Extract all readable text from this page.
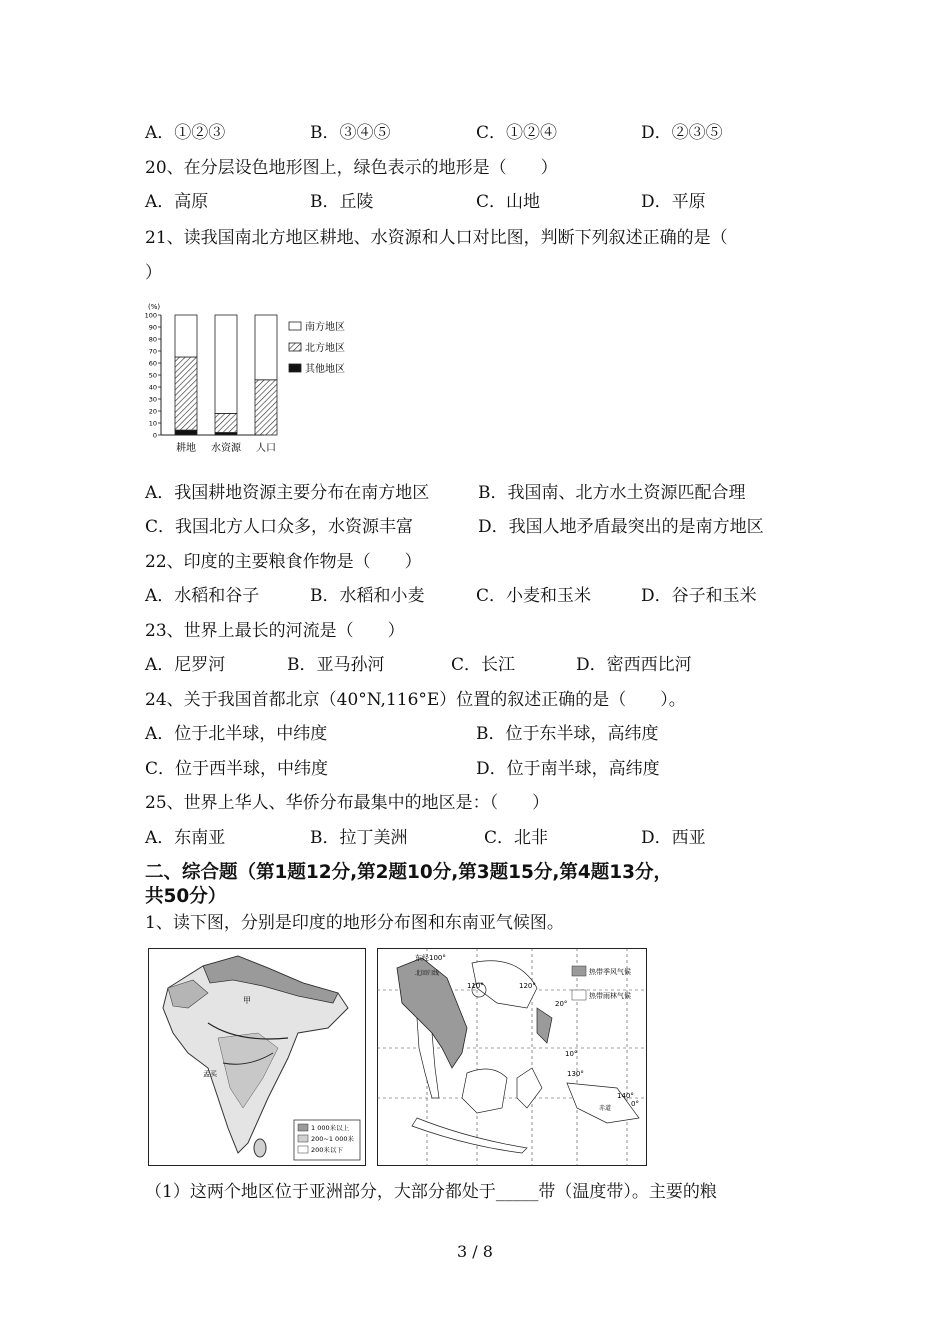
A．①②③	B．③④⑤	C．①②④	D．②③⑤
20、在分层设色地形图上，绿色表示的地形是（　　）
A．高原	B．丘陵	C．山地	D．平原
21、读我国南北方地区耕地、水资源和人口对比图，判断下列叙述正确的是（
）
(%)
0
10
20
30
40
50
60
70
80
90
100
耕地 水资源 人口
南方地区
北方地区
其他地区
A．我国耕地资源主要分布在南方地区	B．我国南、北方水土资源匹配合理
C．我国北方人口众多，水资源丰富	D．我国人地矛盾最突出的是南方地区
22、印度的主要粮食作物是（　　）
A．水稻和谷子	B．水稻和小麦	C．小麦和玉米	D．谷子和玉米
23、世界上最长的河流是（　　）
A．尼罗河	B．亚马孙河	C．长江	D．密西西比河
24、关于我国首都北京（40°N,116°E）位置的叙述正确的是（　　）。
A．位于北半球，中纬度	B．位于东半球，高纬度
C．位于西半球，中纬度	D．位于南半球，高纬度
25、世界上华人、华侨分布最集中的地区是：（　　）
A．东南亚	B．拉丁美洲	C．北非	D．西亚
二、综合题（第1题12分,第2题10分,第3题15分,第4题13分，
共50分）
1、读下图，分别是印度的地形分布图和东南亚气候图。
甲
孟买
1 000米以上
200~1 000米
200米以下
东经100°
北回归线
110°	120°
20°
10°
130°
140°
0°
赤道
热带季风气候
热带雨林气候
（1）这两个地区位于亚洲部分，大部分都处于_____带（温度带）。主要的粮
3 / 8
